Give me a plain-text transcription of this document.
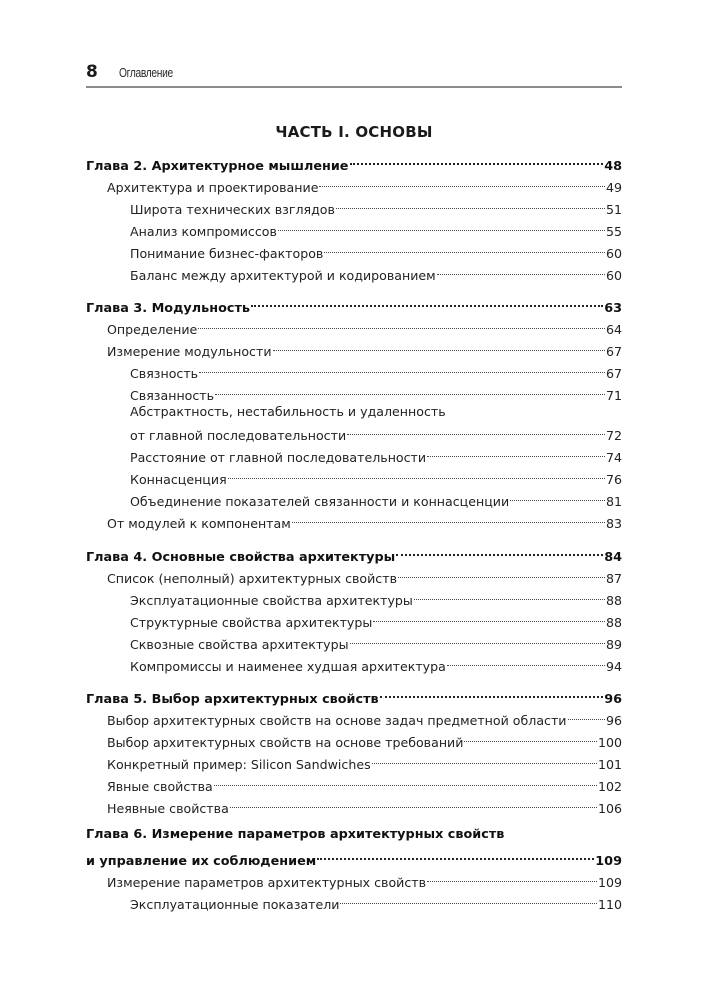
8 Оглавление
ЧАСТЬ I. ОСНОВЫ
Глава 2. Архитектурное мышление	48
Архитектура и проектирование	49
Широта технических взглядов	51
Анализ компромиссов	55
Понимание бизнес-факторов	60
Баланс между архитектурой и кодированием	60
Глава 3. Модульность	63
Определение	64
Измерение модульности	67
Связность	67
Связанность	71
Абстрактность, нестабильность и удаленность
от главной последовательности	72
Расстояние от главной последовательности	74
Коннасценция	76
Объединение показателей связанности и коннасценции	81
От модулей к компонентам	83
Глава 4. Основные свойства архитектуры	84
Список (неполный) архитектурных свойств	87
Эксплуатационные свойства архитектуры	88
Структурные свойства архитектуры	88
Сквозные свойства архитектуры	89
Компромиссы и наименее худшая архитектура	94
Глава 5. Выбор архитектурных свойств	96
Выбор архитектурных свойств на основе задач предметной области	96
Выбор архитектурных свойств на основе требований	100
Конкретный пример: Silicon Sandwiches	101
Явные свойства	102
Неявные свойства	106
Глава 6. Измерение параметров архитектурных свойств
и управление их соблюдением	109
Измерение параметров архитектурных свойств	109
Эксплуатационные показатели	110
